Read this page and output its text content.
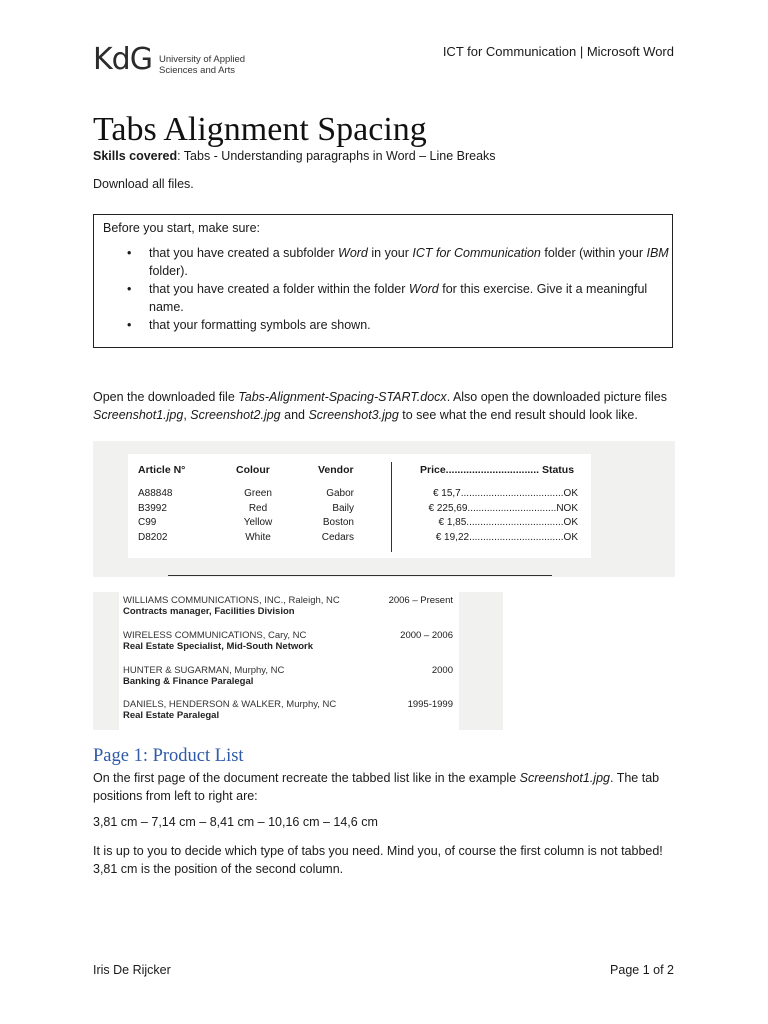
KdG University of Applied
Sciences and Arts
ICT for Communication | Microsoft Word
Tabs Alignment Spacing
Skills covered: Tabs - Understanding paragraphs in Word – Line Breaks
Download all files.
Before you start, make sure:
• that you have created a subfolder Word in your ICT for Communication folder (within your IBM folder).
• that you have created a folder within the folder Word for this exercise. Give it a meaningful name.
• that your formatting symbols are shown.
Open the downloaded file Tabs-Alignment-Spacing-START.docx. Also open the downloaded picture files Screenshot1.jpg, Screenshot2.jpg and Screenshot3.jpg to see what the end result should look like.
Article N°	Colour	Vendor	Price................................ Status
A88848	Green	Gabor	€ 15,7.....................................OK
B3992	Red	Baily	€ 225,69................................NOK
C99	Yellow	Boston	€ 1,85...................................OK
D8202	White	Cedars	€ 19,22..................................OK
WILLIAMS COMMUNICATIONS, INC., Raleigh, NC
Contracts manager, Facilities Division
2006 – Present
WIRELESS COMMUNICATIONS, Cary, NC
Real Estate Specialist, Mid-South Network
2000 – 2006
HUNTER & SUGARMAN, Murphy, NC
Banking & Finance Paralegal
2000
DANIELS, HENDERSON & WALKER, Murphy, NC
Real Estate Paralegal
1995-1999
Page 1: Product List
On the first page of the document recreate the tabbed list like in the example Screenshot1.jpg. The tab positions from left to right are:
3,81 cm – 7,14 cm – 8,41 cm – 10,16 cm – 14,6 cm
It is up to you to decide which type of tabs you need. Mind you, of course the first column is not tabbed! 3,81 cm is the position of the second column.
Iris De Rijcker	Page 1 of 2
